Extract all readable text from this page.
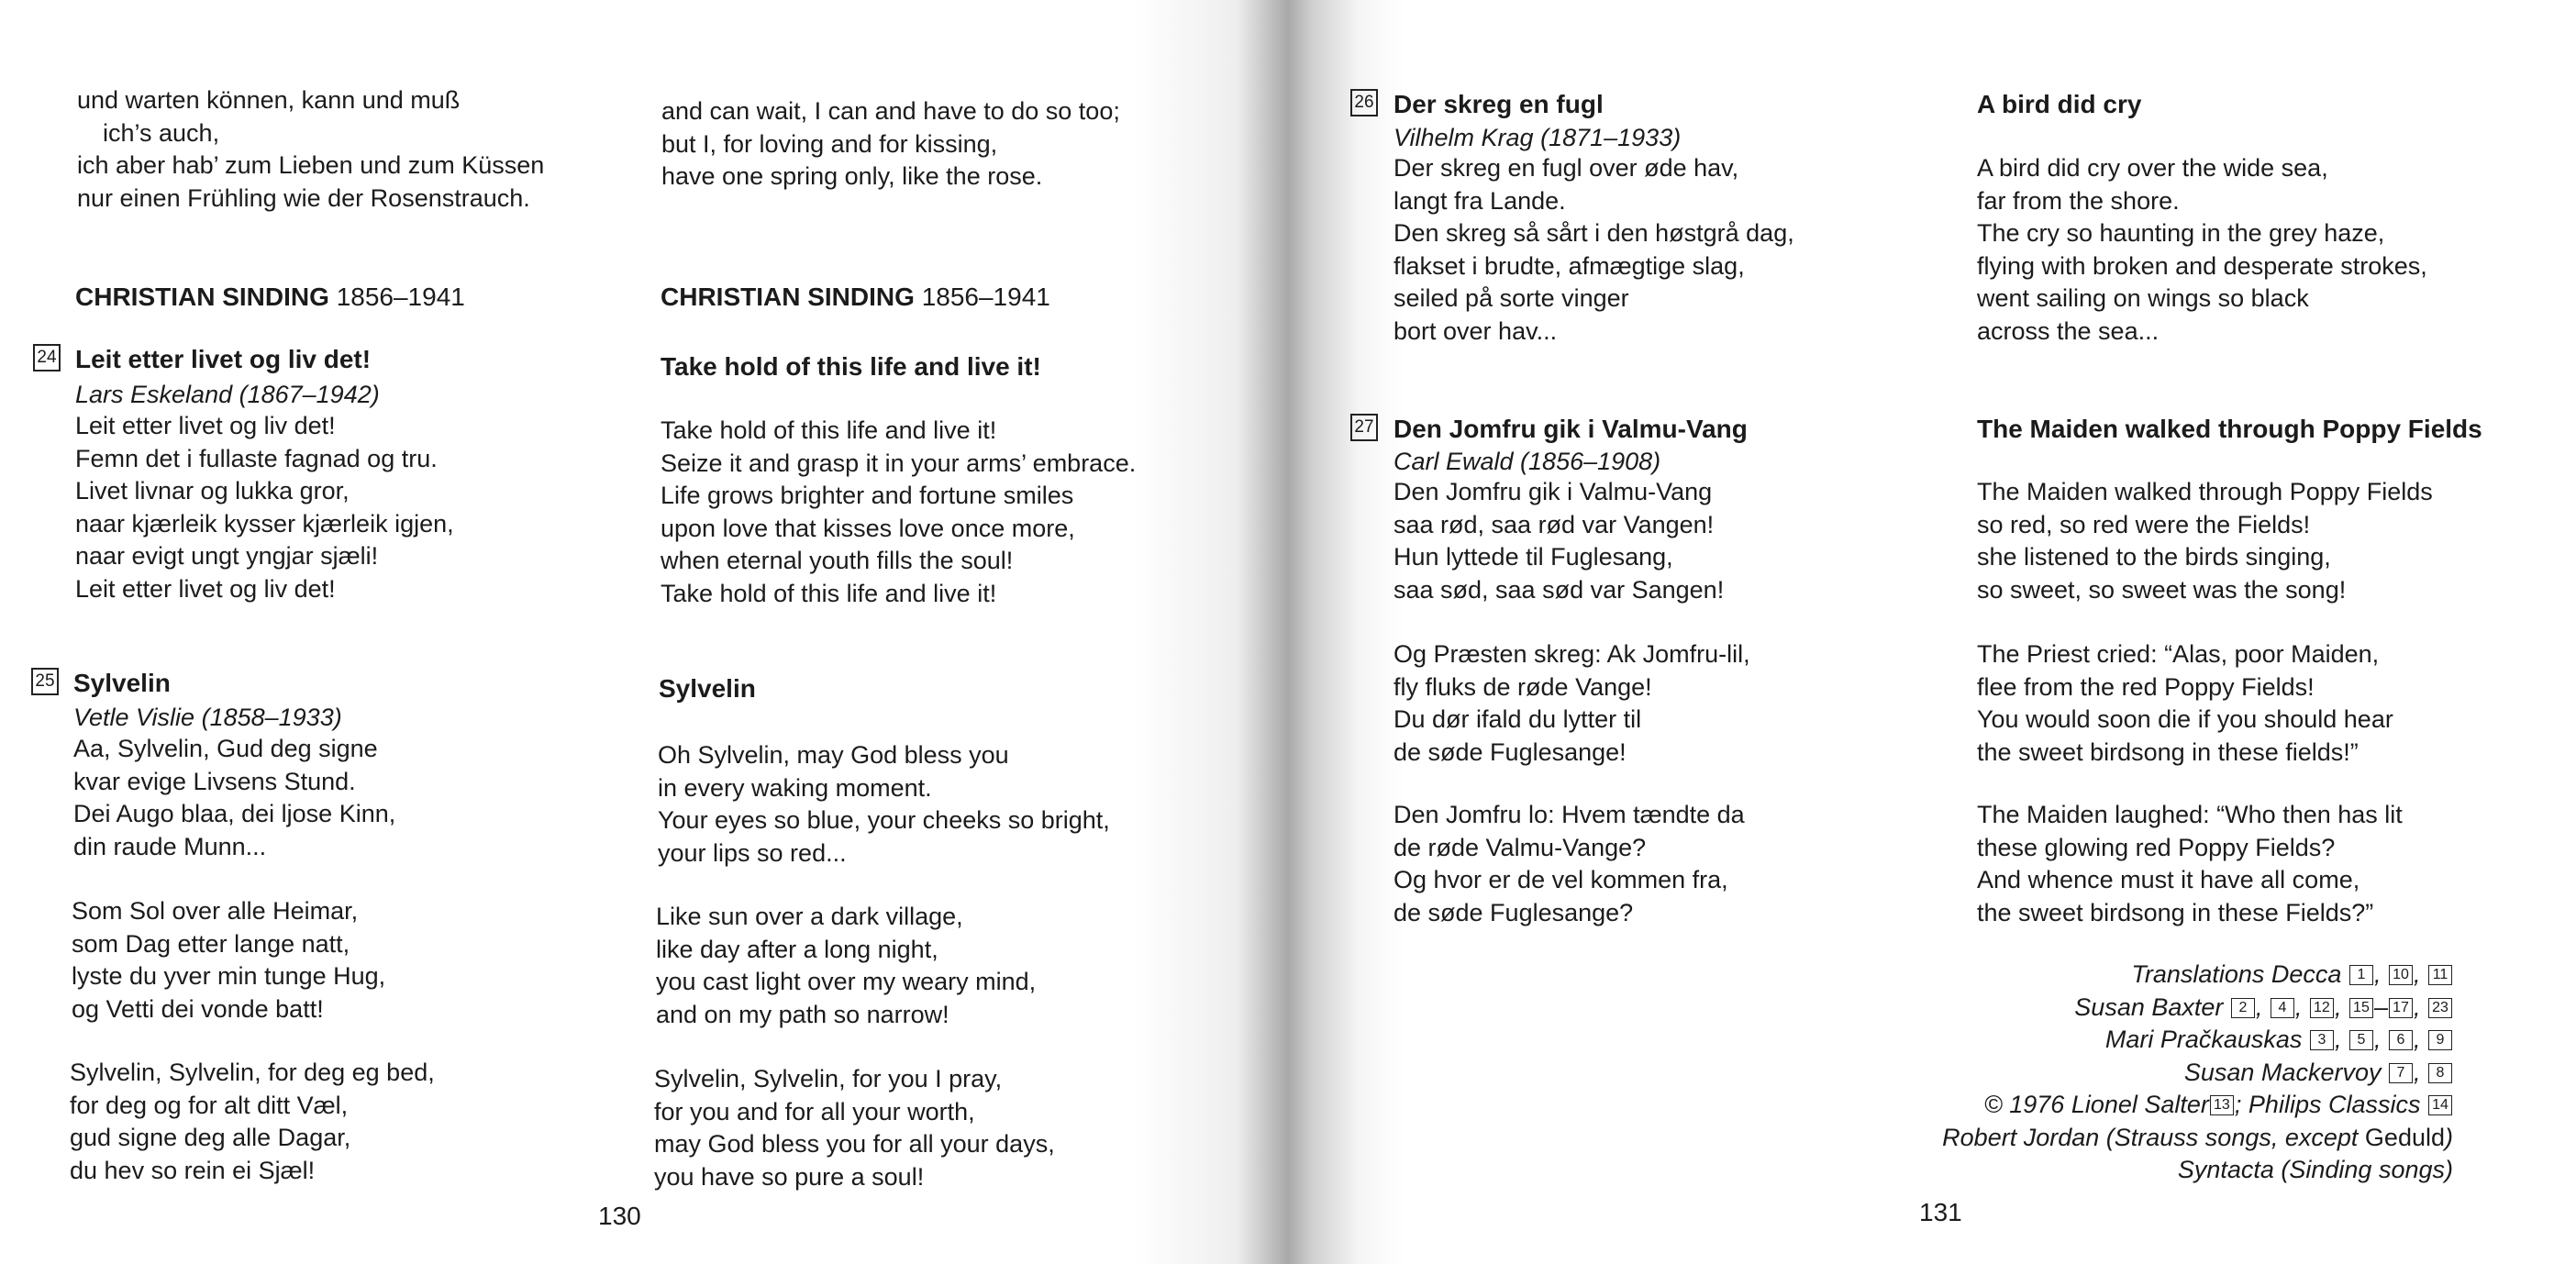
und warten können, kann und muß
ich’s auch,
ich aber hab’ zum Lieben und zum Küssen
nur einen Frühling wie der Rosenstrauch.
CHRISTIAN SINDING 1856–1941
24 Leit etter livet og liv det!
Lars Eskeland (1867–1942)
Leit etter livet og liv det!
Femn det i fullaste fagnad og tru.
Livet livnar og lukka gror,
naar kjærleik kysser kjærleik igjen,
naar evigt ungt yngjar sjæli!
Leit etter livet og liv det!
25 Sylvelin
Vetle Vislie (1858–1933)
Aa, Sylvelin, Gud deg signe
kvar evige Livsens Stund.
Dei Augo blaa, dei ljose Kinn,
din raude Munn...
Som Sol over alle Heimar,
som Dag etter lange natt,
lyste du yver min tunge Hug,
og Vetti dei vonde batt!
Sylvelin, Sylvelin, for deg eg bed,
for deg og for alt ditt Væl,
gud signe deg alle Dagar,
du hev so rein ei Sjæl!
and can wait, I can and have to do so too;
but I, for loving and for kissing,
have one spring only, like the rose.
CHRISTIAN SINDING 1856–1941
Take hold of this life and live it!
Take hold of this life and live it!
Seize it and grasp it in your arms’ embrace.
Life grows brighter and fortune smiles
upon love that kisses love once more,
when eternal youth fills the soul!
Take hold of this life and live it!
Sylvelin
Oh Sylvelin, may God bless you
in every waking moment.
Your eyes so blue, your cheeks so bright,
your lips so red...
Like sun over a dark village,
like day after a long night,
you cast light over my weary mind,
and on my path so narrow!
Sylvelin, Sylvelin, for you I pray,
for you and for all your worth,
may God bless you for all your days,
you have so pure a soul!
130
26 Der skreg en fugl
Vilhelm Krag (1871–1933)
Der skreg en fugl over øde hav,
langt fra Lande.
Den skreg så sårt i den høstgrå dag,
flakset i brudte, afmægtige slag,
seiled på sorte vinger
bort over hav...
27 Den Jomfru gik i Valmu-Vang
Carl Ewald (1856–1908)
Den Jomfru gik i Valmu-Vang
saa rød, saa rød var Vangen!
Hun lyttede til Fuglesang,
saa sød, saa sød var Sangen!
Og Præsten skreg: Ak Jomfru-lil,
fly fluks de røde Vange!
Du dør ifald du lytter til
de søde Fuglesange!
Den Jomfru lo: Hvem tændte da
de røde Valmu-Vange?
Og hvor er de vel kommen fra,
de søde Fuglesange?
A bird did cry
A bird did cry over the wide sea,
far from the shore.
The cry so haunting in the grey haze,
flying with broken and desperate strokes,
went sailing on wings so black
across the sea...
The Maiden walked through Poppy Fields
The Maiden walked through Poppy Fields
so red, so red were the Fields!
she listened to the birds singing,
so sweet, so sweet was the song!
The Priest cried: “Alas, poor Maiden,
flee from the red Poppy Fields!
You would soon die if you should hear
the sweet birdsong in these fields!”
The Maiden laughed: “Who then has lit
these glowing red Poppy Fields?
And whence must it have all come,
the sweet birdsong in these Fields?”
Translations Decca 1 , 10 , 11
Susan Baxter 2 , 4 , 12 , 15 – 17 , 23
Mari Pračkauskas 3 , 5 , 6 , 9
Susan Mackervoy 7 , 8
© 1976 Lionel Salter 13 ; Philips Classics 14
Robert Jordan (Strauss songs, except Geduld)
Syntacta (Sinding songs)
131
